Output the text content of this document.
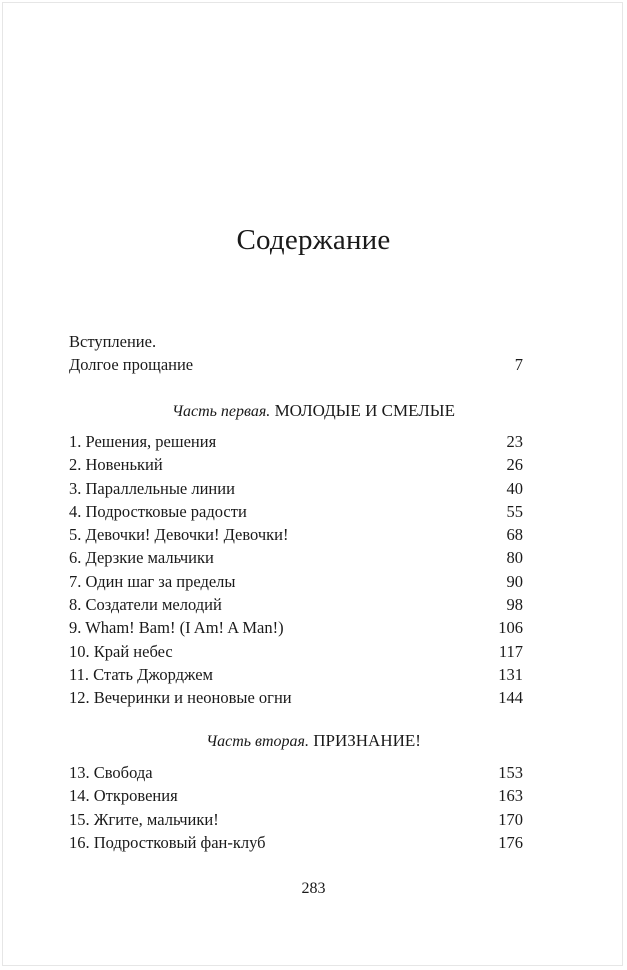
Содержание
Вступление.
Долгое прощание	7
Часть первая. МОЛОДЫЕ И СМЕЛЫЕ
1. Решения, решения	23
2. Новенький	26
3. Параллельные линии	40
4. Подростковые радости	55
5. Девочки! Девочки! Девочки!	68
6. Дерзкие мальчики	80
7. Один шаг за пределы	90
8. Создатели мелодий	98
9. Wham! Bam! (I Am! A Man!)	106
10. Край небес	117
11. Стать Джорджем	131
12. Вечеринки и неоновые огни	144
Часть вторая. ПРИЗНАНИЕ!
13. Свобода	153
14. Откровения	163
15. Жгите, мальчики!	170
16. Подростковый фан-клуб	176
283
